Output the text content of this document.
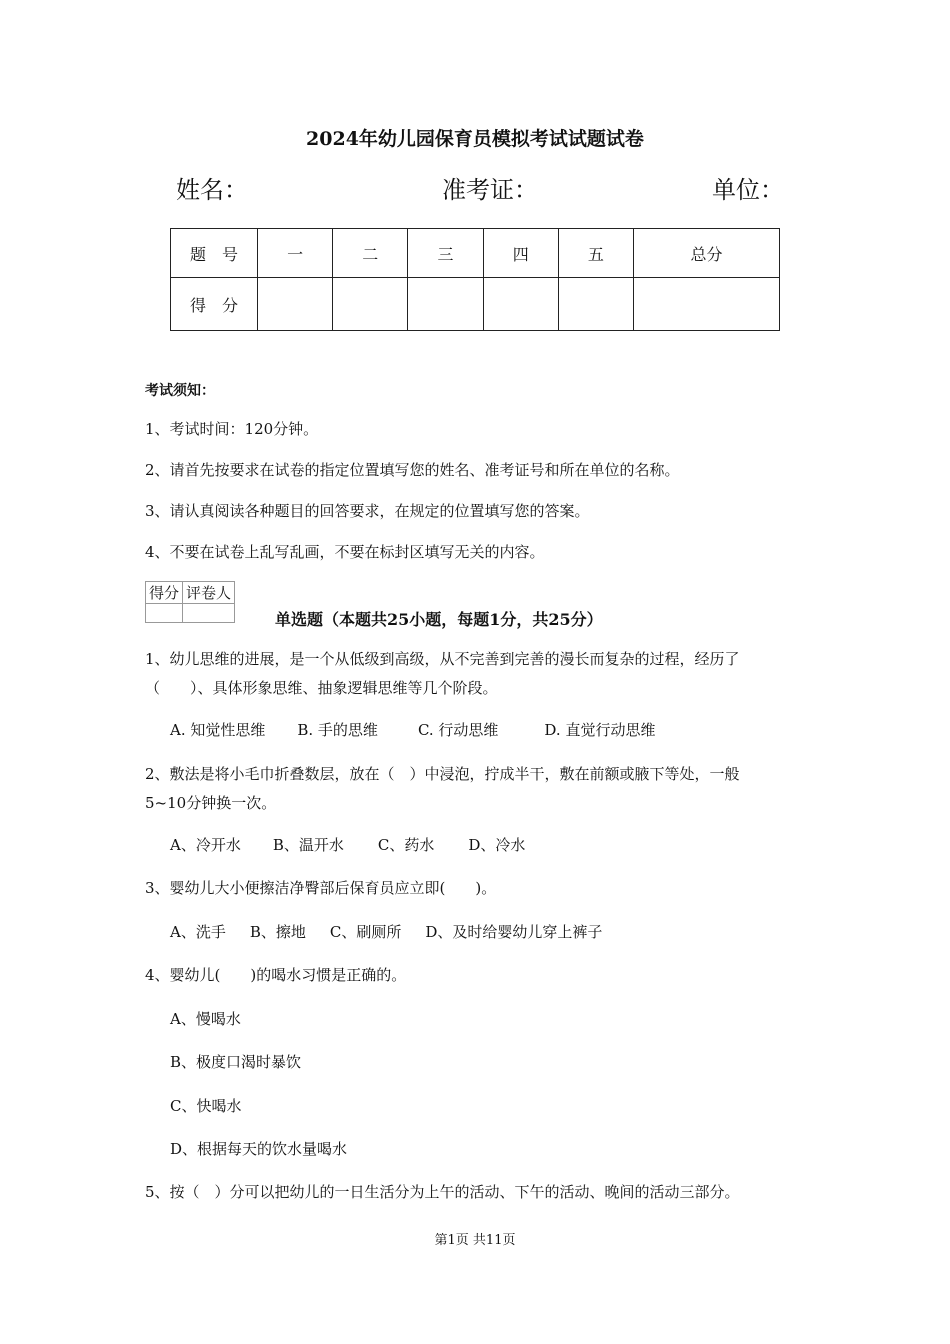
2024年幼儿园保育员模拟考试试题试卷
姓名：	准考证：	单位：
题　号	一	二	三	四	五	总分
得　分						
考试须知：
1、考试时间：120分钟。
2、请首先按要求在试卷的指定位置填写您的姓名、准考证号和所在单位的名称。
3、请认真阅读各种题目的回答要求，在规定的位置填写您的答案。
4、不要在试卷上乱写乱画，不要在标封区填写无关的内容。
得分	评卷人

单选题（本题共25小题，每题1分，共25分）
1、幼儿思维的进展，是一个从低级到高级，从不完善到完善的漫长而复杂的过程，经历了
（　　）、具体形象思维、抽象逻辑思维等几个阶段。
A. 知觉性思维 B. 手的思维	C. 行动思维	D. 直觉行动思维
2、敷法是将小毛巾折叠数层，放在（　）中浸泡，拧成半干，敷在前额或腋下等处，一般
5~10分钟换一次。
A、冷开水 B、温开水 C、药水 D、冷水
3、婴幼儿大小便擦洁净臀部后保育员应立即(　　)。
A、洗手 B、擦地 C、刷厕所 D、及时给婴幼儿穿上裤子
4、婴幼儿(　　)的喝水习惯是正确的。
A、慢喝水
B、极度口渴时暴饮
C、快喝水
D、根据每天的饮水量喝水
5、按（　）分可以把幼儿的一日生活分为上午的活动、下午的活动、晚间的活动三部分。
第1页 共11页
